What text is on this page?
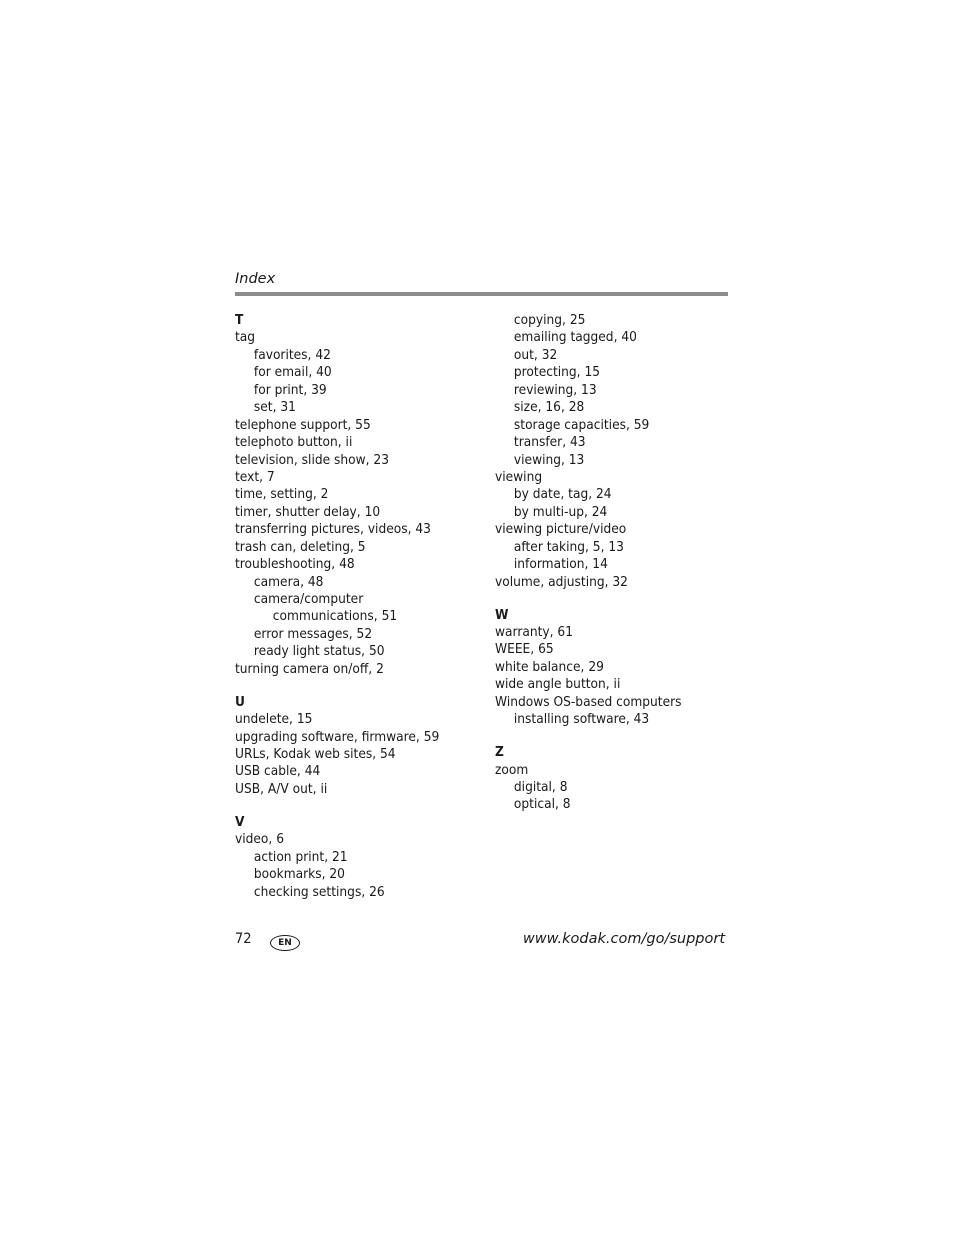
Index
T
tag
favorites, 42
for email, 40
for print, 39
set, 31
telephone support, 55
telephoto button, ii
television, slide show, 23
text, 7
time, setting, 2
timer, shutter delay, 10
transferring pictures, videos, 43
trash can, deleting, 5
troubleshooting, 48
camera, 48
camera/computer
communications, 51
error messages, 52
ready light status, 50
turning camera on/off, 2
U
undelete, 15
upgrading software, firmware, 59
URLs, Kodak web sites, 54
USB cable, 44
USB, A/V out, ii
V
video, 6
action print, 21
bookmarks, 20
checking settings, 26
copying, 25
emailing tagged, 40
out, 32
protecting, 15
reviewing, 13
size, 16, 28
storage capacities, 59
transfer, 43
viewing, 13
viewing
by date, tag, 24
by multi-up, 24
viewing picture/video
after taking, 5, 13
information, 14
volume, adjusting, 32
W
warranty, 61
WEEE, 65
white balance, 29
wide angle button, ii
Windows OS-based computers
installing software, 43
Z
zoom
digital, 8
optical, 8
72	EN	www.kodak.com/go/support
